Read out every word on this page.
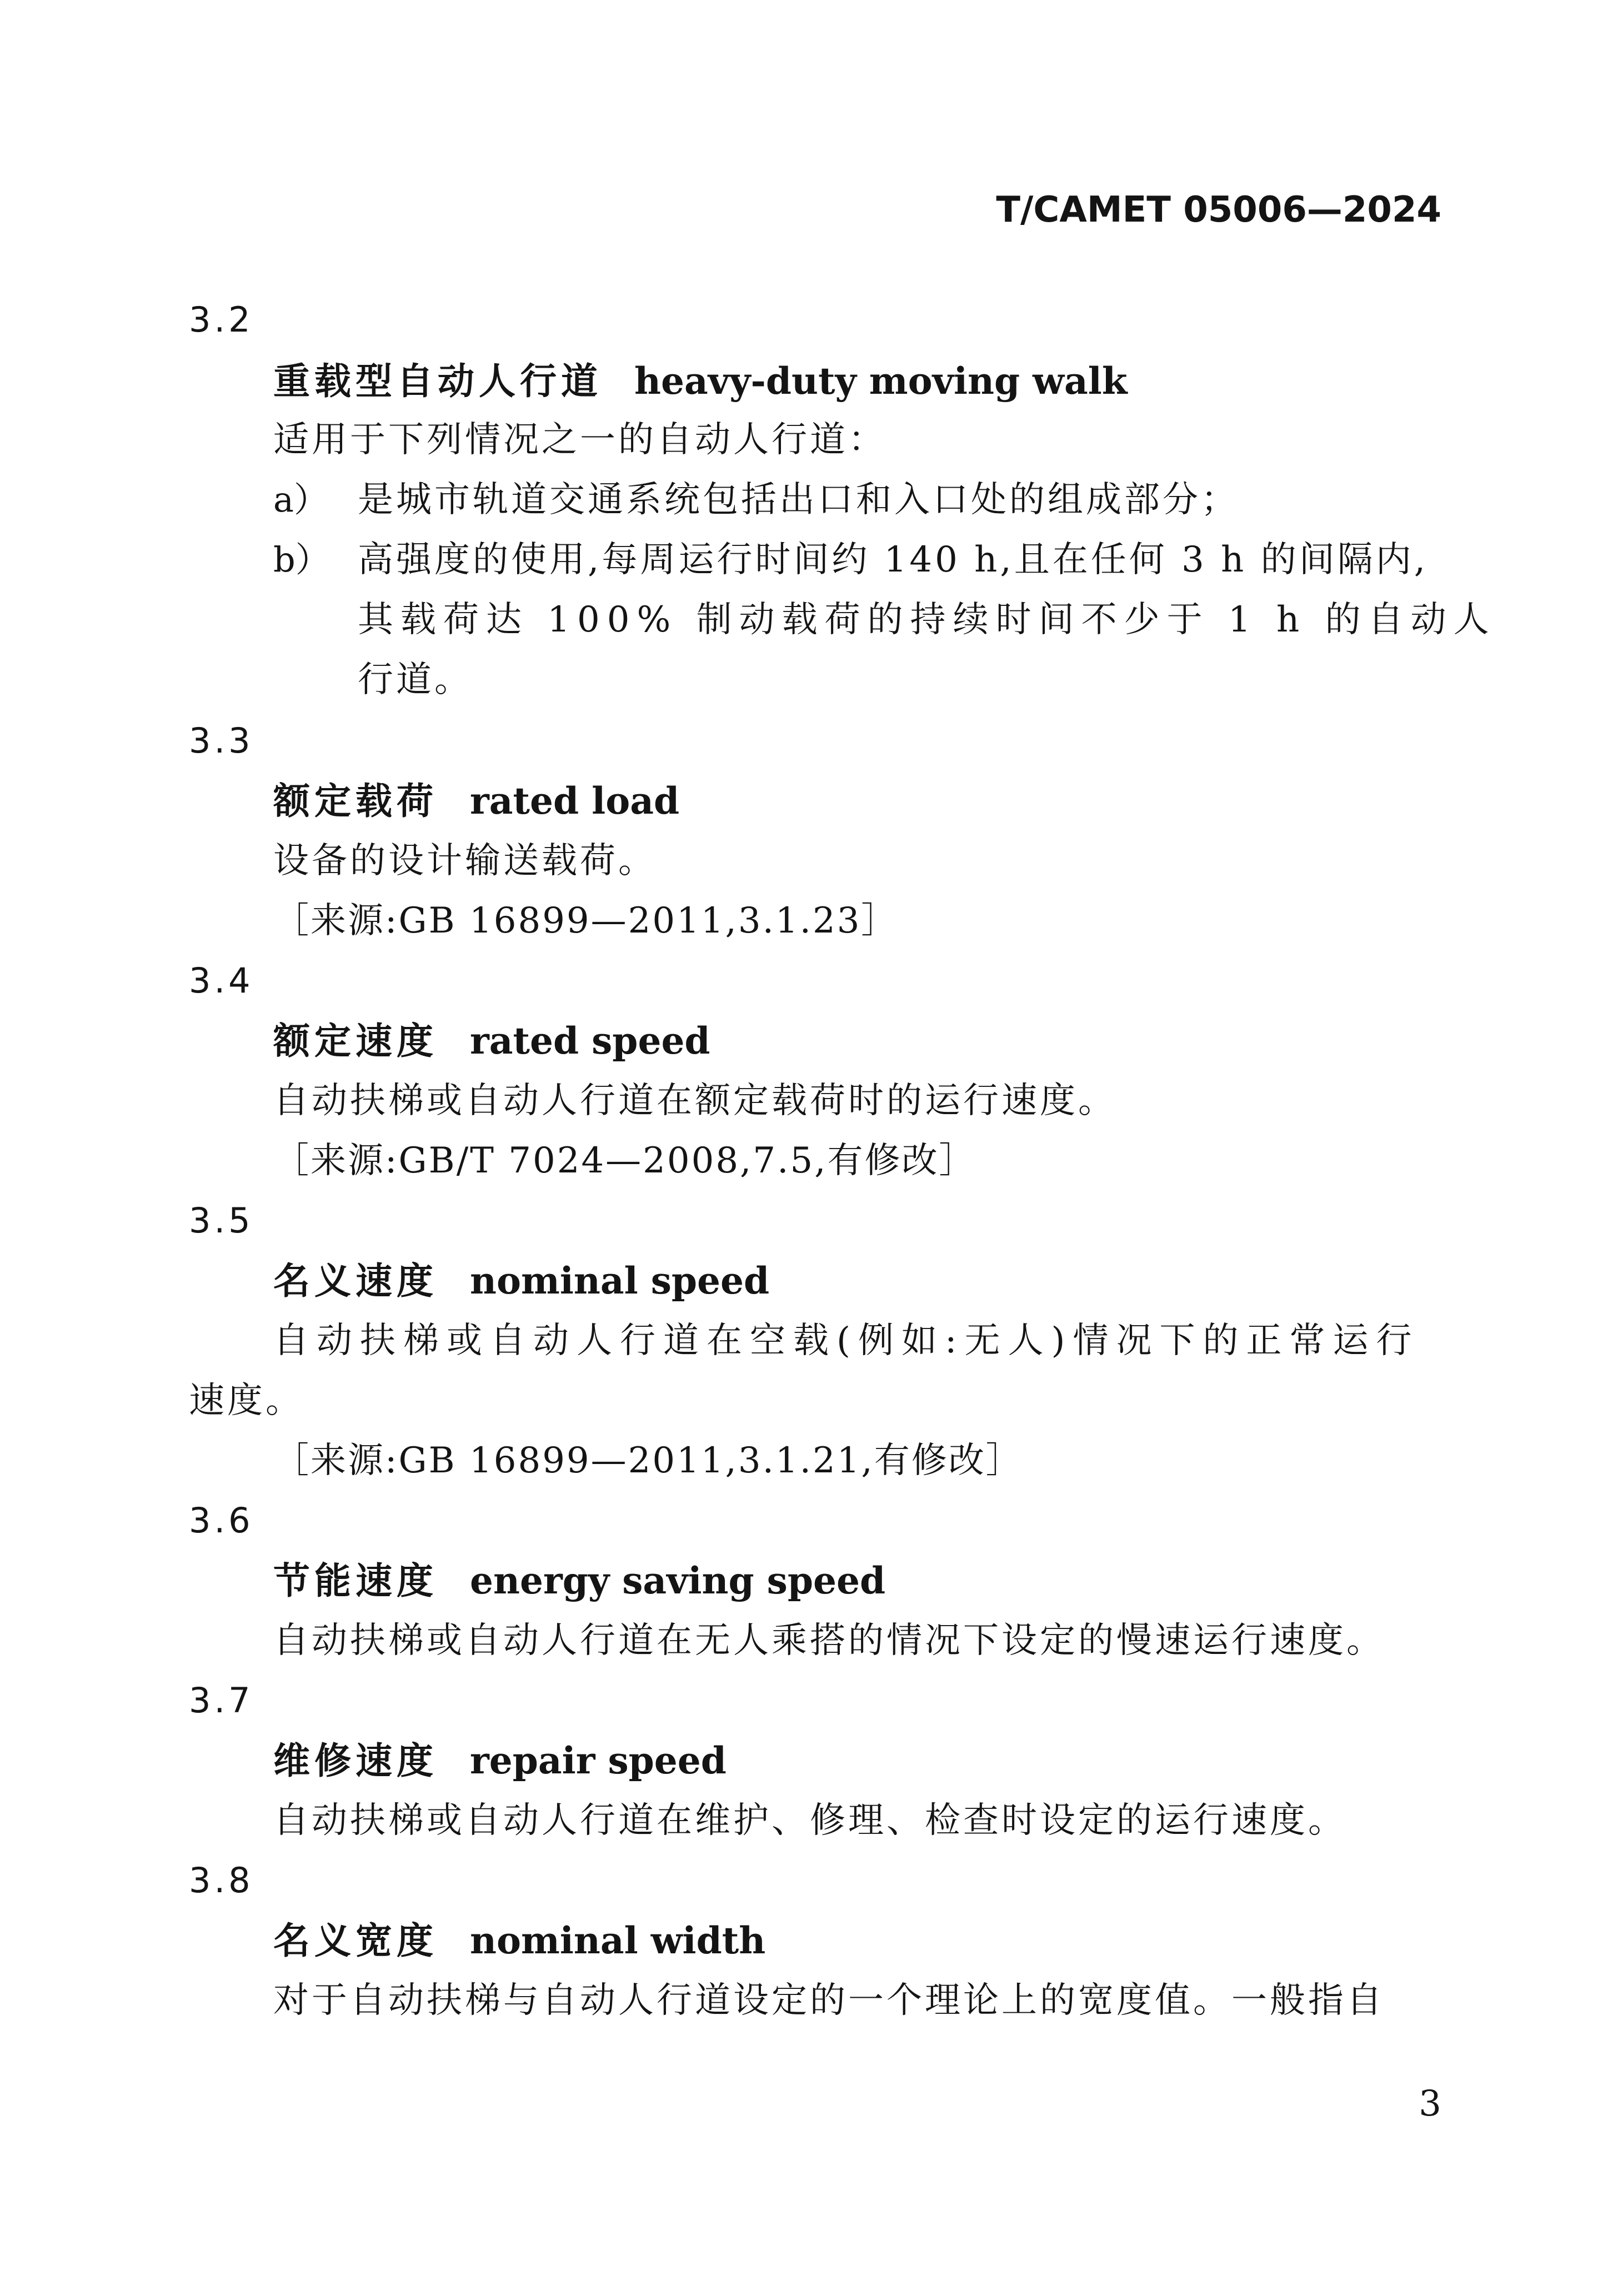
T/CAMET 05006—2024
3.2
重载型自动人行道 heavy-duty moving walk
适用于下列情况之一的自动人行道：
a） 是城市轨道交通系统包括出口和入口处的组成部分；
b） 高强度的使用,每周运行时间约 140 h,且在任何 3 h 的间隔内,
其载荷达 100% 制动载荷的持续时间不少于 1 h 的自动人
行道。
3.3
额定载荷 rated load
设备的设计输送载荷。
［来源:GB 16899—2011,3.1.23］
3.4
额定速度 rated speed
自动扶梯或自动人行道在额定载荷时的运行速度。
［来源:GB/T 7024—2008,7.5,有修改］
3.5
名义速度 nominal speed
自动扶梯或自动人行道在空载(例如:无人)情况下的正常运行
速度。
［来源:GB 16899—2011,3.1.21,有修改］
3.6
节能速度 energy saving speed
自动扶梯或自动人行道在无人乘搭的情况下设定的慢速运行速度。
3.7
维修速度 repair speed
自动扶梯或自动人行道在维护、修理、检查时设定的运行速度。
3.8
名义宽度 nominal width
对于自动扶梯与自动人行道设定的一个理论上的宽度值。一般指自
3
